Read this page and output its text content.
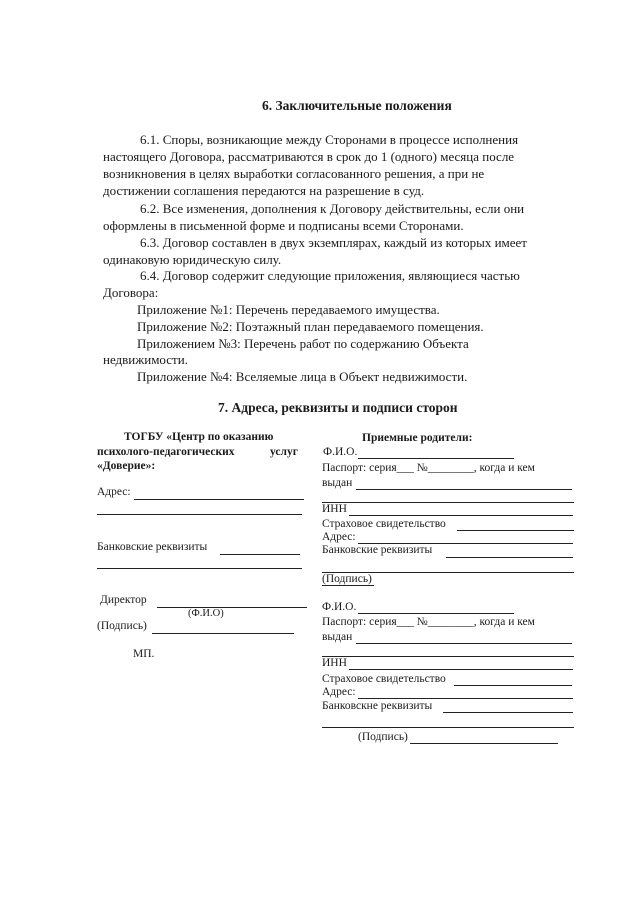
6. Заключительные положения
6.1. Споры, возникающие между Сторонами в процессе исполнения
настоящего Договора, рассматриваются в срок до 1 (одного) месяца после
возникновения в целях выработки согласованного решения, а при не
достижении соглашения передаются на разрешение в суд.
6.2. Все изменения, дополнения к Договору действительны, если они
оформлены в письменной форме и подписаны всеми Сторонами.
6.3. Договор составлен в двух экземплярах, каждый из которых имеет
одинаковую юридическую силу.
6.4. Договор содержит следующие приложения, являющиеся частью
Договора:
Приложение №1: Перечень передаваемого имущества.
Приложение №2: Поэтажный план передаваемого помещения.
Приложением №3: Перечень работ по содержанию Объекта
недвижимости.
Приложение №4: Вселяемые лица в Объект недвижимости.
7. Адреса, реквизиты и подписи сторон
ТОГБУ «Центр по оказанию
психолого-педагогических	услуг
«Доверие»:
Адрес:
Банковские реквизиты
Директор
(Ф.И.О)
(Подпись)
МП.
Приемные родители:
Ф.И.О.
Паспорт: серия___ №________, когда и кем
выдан
ИНН
Страховое свидетельство
Адрес:
Банковские реквизиты
(Подпись)
Ф.И.О.
Паспорт: серия___ №________, когда и кем
выдан
ИНН
Страховое свидетельство
Адрес:
Банковскне реквизиты
(Подпись)
